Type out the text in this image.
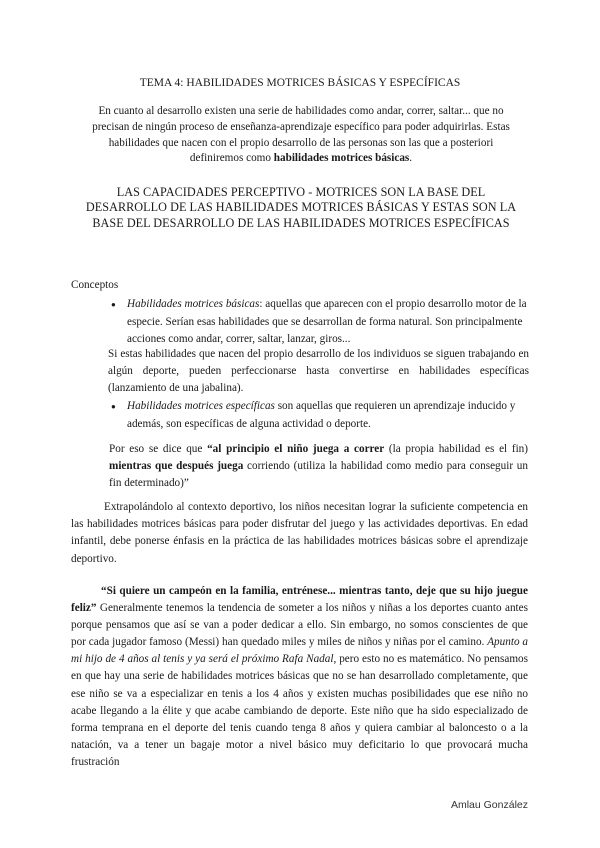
TEMA 4: HABILIDADES MOTRICES BÁSICAS Y ESPECÍFICAS

En cuanto al desarrollo existen una serie de habilidades como andar, correr, saltar... que no precisan de ningún proceso de enseñanza-aprendizaje específico para poder adquirirlas. Estas habilidades que nacen con el propio desarrollo de las personas son las que a posteriori definiremos como habilidades motrices básicas.

LAS CAPACIDADES PERCEPTIVO - MOTRICES SON LA BASE DEL DESARROLLO DE LAS HABILIDADES MOTRICES BÁSICAS Y ESTAS SON LA BASE DEL DESARROLLO DE LAS HABILIDADES MOTRICES ESPECÍFICAS

Conceptos
● Habilidades motrices básicas: aquellas que aparecen con el propio desarrollo motor de la especie. Serían esas habilidades que se desarrollan de forma natural. Son principalmente acciones como andar, correr, saltar, lanzar, giros...

Si estas habilidades que nacen del propio desarrollo de los individuos se siguen trabajando en algún deporte, pueden perfeccionarse hasta convertirse en habilidades específicas (lanzamiento de una jabalina).

● Habilidades motrices específicas son aquellas que requieren un aprendizaje inducido y además, son específicas de alguna actividad o deporte.

Por eso se dice que “al principio el niño juega a correr (la propia habilidad es el fin) mientras que después juega corriendo (utiliza la habilidad como medio para conseguir un fin determinado)”

Extrapolándolo al contexto deportivo, los niños necesitan lograr la suficiente competencia en las habilidades motrices básicas para poder disfrutar del juego y las actividades deportivas. En edad infantil, debe ponerse énfasis en la práctica de las habilidades motrices básicas sobre el aprendizaje deportivo.

“Si quiere un campeón en la familia, entrénese... mientras tanto, deje que su hijo juegue feliz” Generalmente tenemos la tendencia de someter a los niños y niñas a los deportes cuanto antes porque pensamos que así se van a poder dedicar a ello. Sin embargo, no somos conscientes de que por cada jugador famoso (Messi) han quedado miles y miles de niños y niñas por el camino. Apunto a mi hijo de 4 años al tenis y ya será el próximo Rafa Nadal, pero esto no es matemático. No pensamos en que hay una serie de habilidades motrices básicas que no se han desarrollado completamente, que ese niño se va a especializar en tenis a los 4 años y existen muchas posibilidades que ese niño no acabe llegando a la élite y que acabe cambiando de deporte. Este niño que ha sido especializado de forma temprana en el deporte del tenis cuando tenga 8 años y quiera cambiar al baloncesto o a la natación, va a tener un bagaje motor a nivel básico muy deficitario lo que provocará mucha frustración

Amlau González
